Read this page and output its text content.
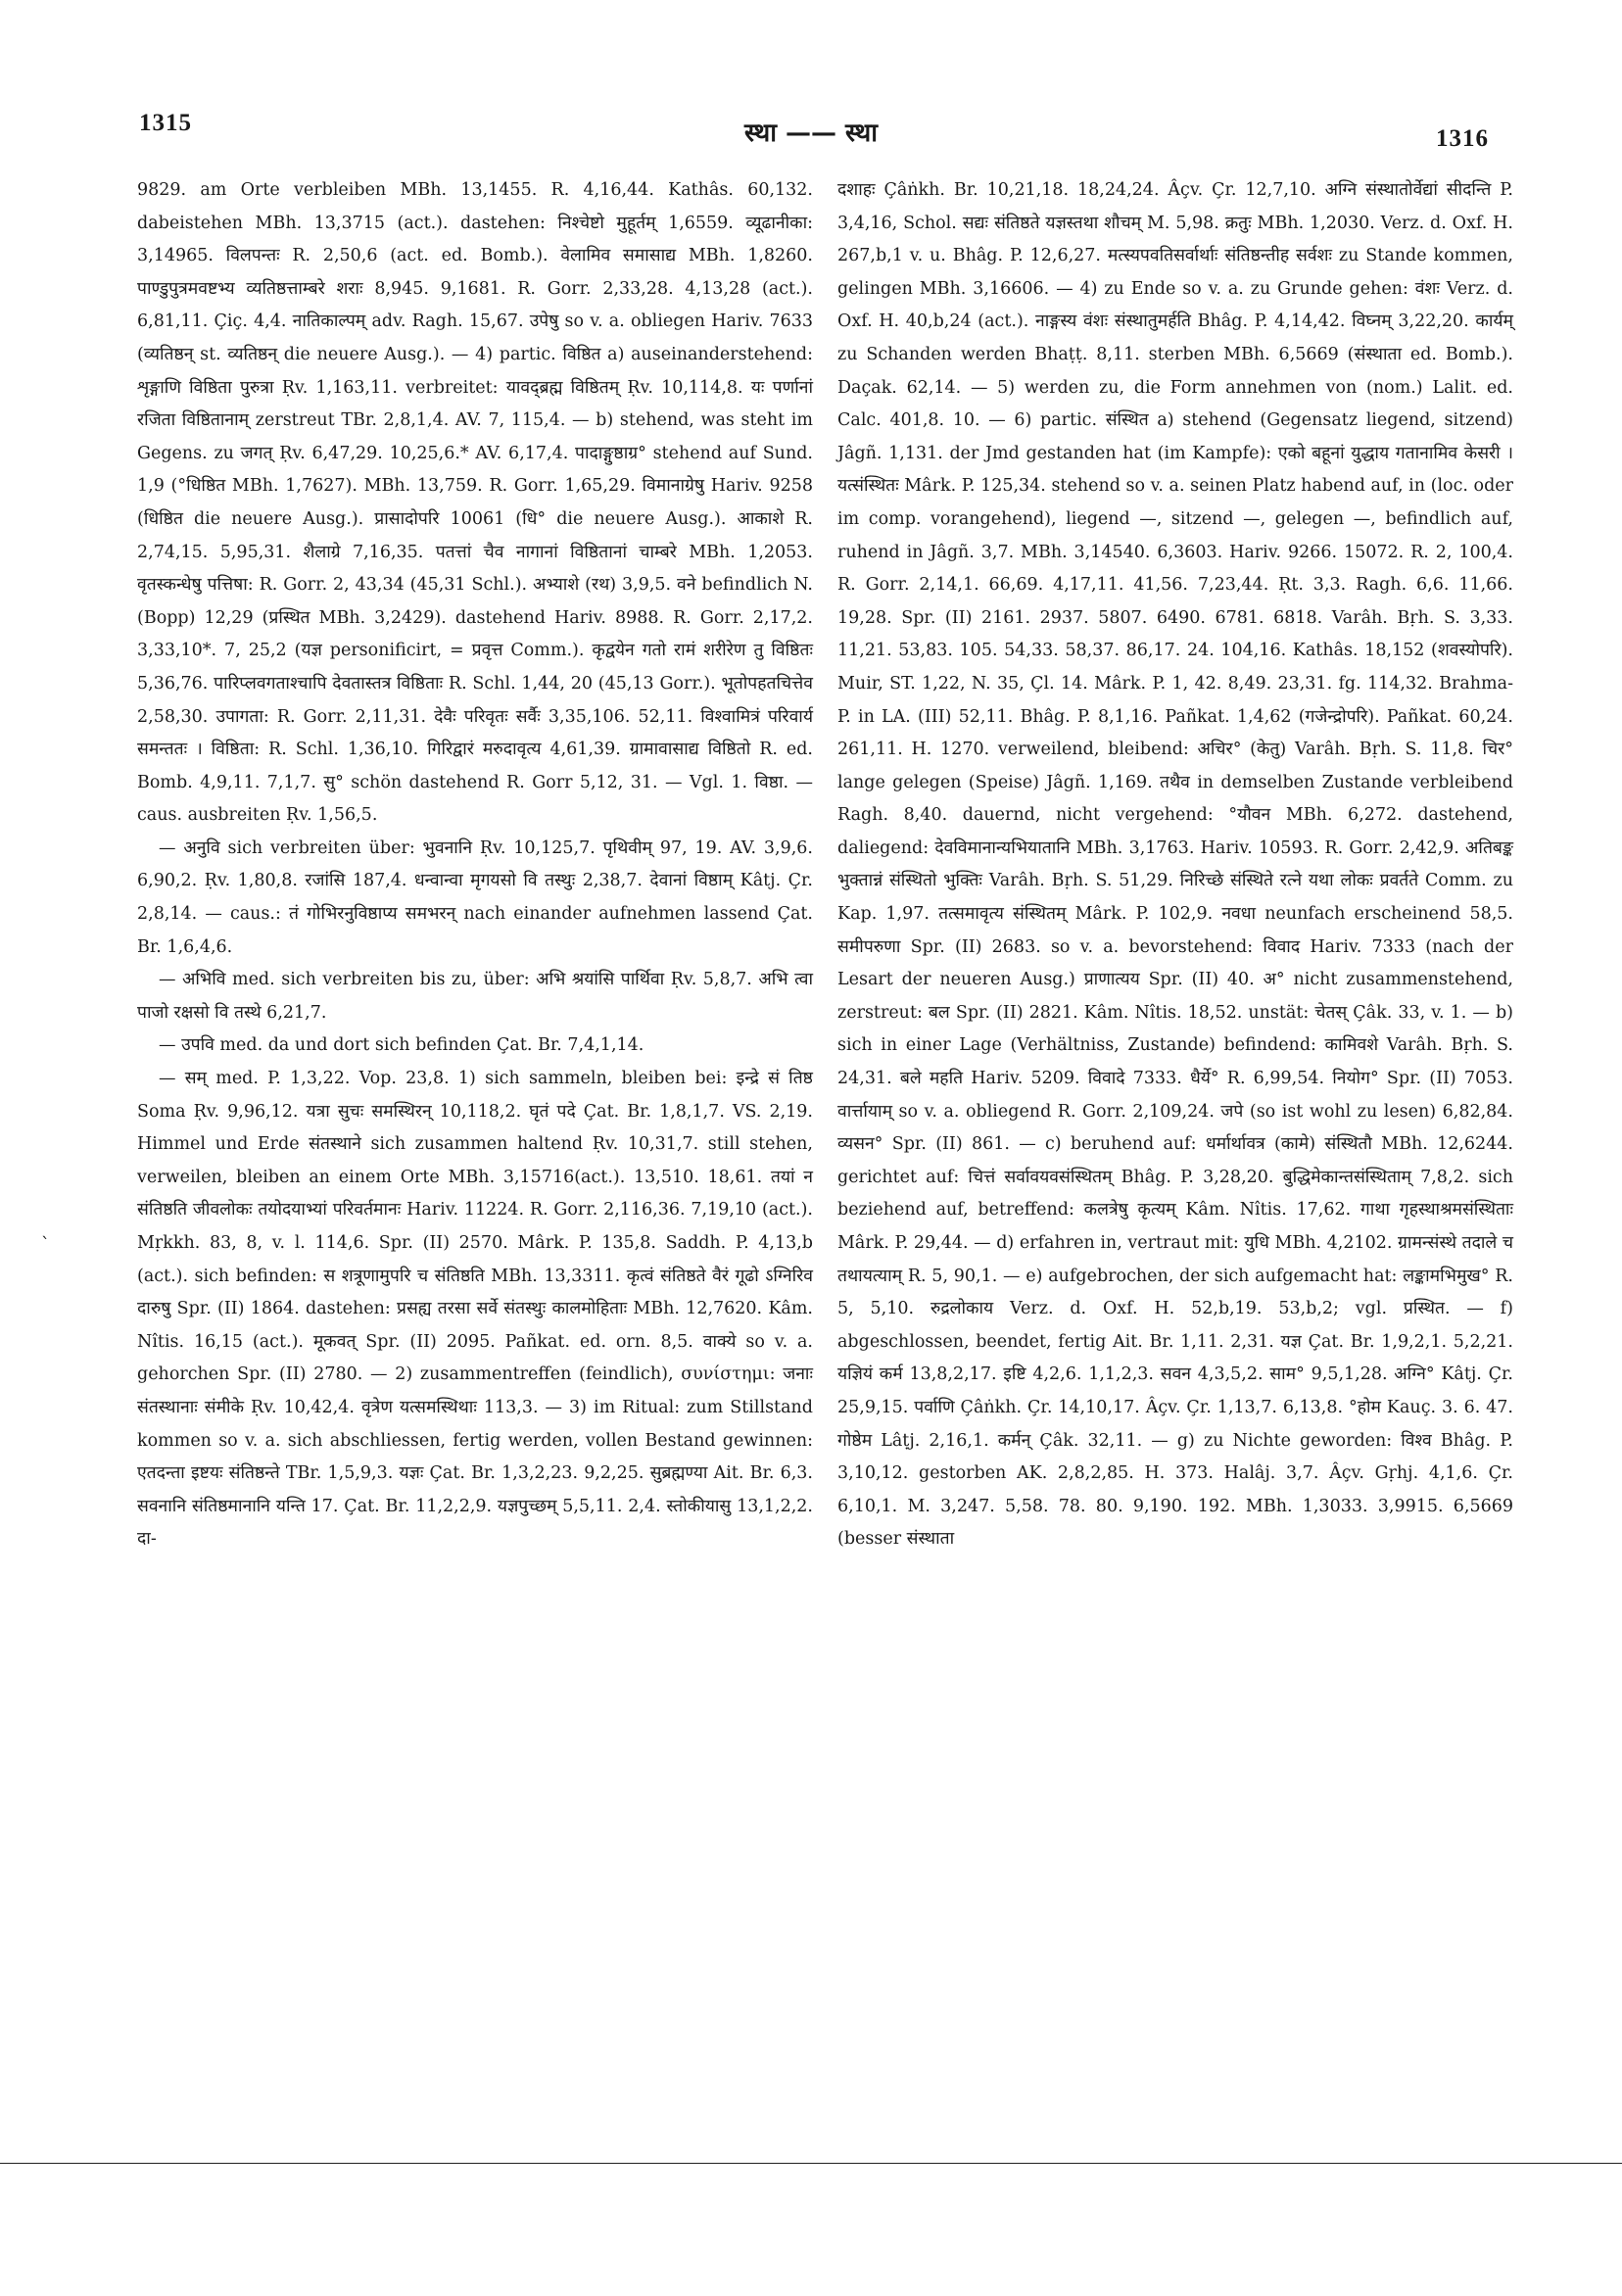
1315	स्था —— स्था	1316
`

9829. am Orte verbleiben MBh. 13,1455. R. 4,16,44. Kathâs. 60,132. dabeistehen MBh. 13,3715 (act.). dastehen: निश्चेष्टो मुहूर्तम् 1,6559. व्यूढानीका: 3,14965. विलपन्तः R. 2,50,6 (act. ed. Bomb.). वेलामिव समासाद्य MBh. 1,8260. पाण्डुपुत्रमवष्टभ्य व्यतिष्ठत्ताम्बरे शराः 8,945. 9,1681. R. Gorr. 2,33,28. 4,13,28 (act.). 6,81,11. Çiç. 4,4. नातिकाल्पम् adv. Ragh. 15,67. उपेषु so v. a. obliegen Hariv. 7633 (व्यतिष्ठन् st. व्यतिष्ठन् die neuere Ausg.). — 4) partic. विष्ठित a) auseinanderstehend: शृङ्गाणि विष्ठिता पुरुत्रा Ṛv. 1,163,11. verbreitet: यावद्ब्रह्म विष्ठितम् Ṛv. 10,114,8. यः पर्णानां रजिता विष्ठितानाम् zerstreut TBr. 2,8,1,4. AV. 7, 115,4. — b) stehend, was steht im Gegens. zu जगत् Ṛv. 6,47,29. 10,25,6.* AV. 6,17,4. पादाङ्गुष्ठाग्र° stehend auf Sund. 1,9 (°धिष्ठित MBh. 1,7627). MBh. 13,759. R. Gorr. 1,65,29. विमानाग्रेषु Hariv. 9258 (धिष्ठित die neuere Ausg.). प्रासादोपरि 10061 (धि° die neuere Ausg.). आकाशे R. 2,74,15. 5,95,31. शैलाग्रे 7,16,35. पतत्तां चैव नागानां विष्ठितानां चाम्बरे MBh. 1,2053. वृतस्कन्धेषु पत्तिषा: R. Gorr. 2, 43,34 (45,31 Schl.). अभ्याशे (रथ) 3,9,5. वने befindlich N. (Bopp) 12,29 (प्रस्थित MBh. 3,2429). dastehend Hariv. 8988. R. Gorr. 2,17,2. 3,33,10*. 7, 25,2 (यज्ञ personificirt, = प्रवृत्त Comm.). कृद्वयेन गतो रामं शरीरेण तु विष्ठितः 5,36,76. पारिप्लवगताश्चापि देवतास्तत्र विष्ठिताः R. Schl. 1,44, 20 (45,13 Gorr.). भूतोपहतचित्तेव 2,58,30. उपागता: R. Gorr. 2,11,31. देवैः परिवृतः सर्वैः 3,35,106. 52,11. विश्वामित्रं परिवार्य समन्ततः । विष्ठिता: R. Schl. 1,36,10. गिरिद्वारं मरुदावृत्य 4,61,39. ग्रामावासाद्य विष्ठितो R. ed. Bomb. 4,9,11. 7,1,7. सु° schön dastehend R. Gorr 5,12, 31. — Vgl. 1. विष्ठा. — caus. ausbreiten Ṛv. 1,56,5.

— अनुवि sich verbreiten über: भुवनानि Ṛv. 10,125,7. पृथिवीम् 97, 19. AV. 3,9,6. 6,90,2. Ṛv. 1,80,8. रजांसि 187,4. धन्वान्वा मृगयसो वि तस्थुः 2,38,7. देवानां विष्ठाम् Kâtj. Çr. 2,8,14. — caus.: तं गोभिरनुविष्ठाप्य समभरन् nach einander aufnehmen lassend Çat. Br. 1,6,4,6.

— अभिवि med. sich verbreiten bis zu, über: अभि श्रयांसि पार्थिवा Ṛv. 5,8,7. अभि त्वा पाजो रक्षसो वि तस्थे 6,21,7.

— उपवि med. da und dort sich befinden Çat. Br. 7,4,1,14.

— सम् med. P. 1,3,22. Vop. 23,8. 1) sich sammeln, bleiben bei: इन्द्रे सं तिष्ठ Soma Ṛv. 9,96,12. यत्रा सुचः समस्थिरन् 10,118,2. घृतं पदे Çat. Br. 1,8,1,7. VS. 2,19. Himmel und Erde संतस्थाने sich zusammen haltend Ṛv. 10,31,7. still stehen, verweilen, bleiben an einem Orte MBh. 3,15716(act.). 13,510. 18,61. तयां न संतिष्ठति जीवलोकः तयोदयाभ्यां परिवर्तमानः Hariv. 11224. R. Gorr. 2,116,36. 7,19,10 (act.). Mṛkkh. 83, 8, v. l. 114,6. Spr. (II) 2570. Mârk. P. 135,8. Saddh. P. 4,13,b (act.). sich befinden: स शत्रूणामुपरि च संतिष्ठति MBh. 13,3311. कृत्वं संतिष्ठते वैरं गूढो ऽग्निरिव दारुषु Spr. (II) 1864. dastehen: प्रसह्य तरसा सर्वे संतस्थुः कालमोहिताः MBh. 12,7620. Kâm. Nîtis. 16,15 (act.). मूकवत् Spr. (II) 2095. Pañkat. ed. orn. 8,5. वाक्ये so v. a. gehorchen Spr. (II) 2780. — 2) zusammentreffen (feindlich), συνίστημι: जनाः संतस्थानाः संमीके Ṛv. 10,42,4. वृत्रेण यत्समस्थिथाः 113,3. — 3) im Ritual: zum Stillstand kommen so v. a. sich abschliessen, fertig werden, vollen Bestand gewinnen: एतदन्ता इष्टयः संतिष्ठन्ते TBr. 1,5,9,3. यज्ञः Çat. Br. 1,3,2,23. 9,2,25. सुब्रह्मण्या Ait. Br. 6,3. सवनानि संतिष्ठमानानि यन्ति 17. Çat. Br. 11,2,2,9. यज्ञपुच्छम् 5,5,11. 2,4. स्तोकीयासु 13,1,2,2. दा-

दशाहः Çâṅkh. Br. 10,21,18. 18,24,24. Âçv. Çr. 12,7,10. अग्नि संस्थातोर्वेद्यां सीदन्ति P. 3,4,16, Schol. सद्यः संतिष्ठते यज्ञस्तथा शौचम् M. 5,98. क्रतुः MBh. 1,2030. Verz. d. Oxf. H. 267,b,1 v. u. Bhâg. P. 12,6,27. मत्स्यपवतिसर्वार्थाः संतिष्ठन्तीह सर्वशः zu Stande kommen, gelingen MBh. 3,16606. — 4) zu Ende so v. a. zu Grunde gehen: वंशः Verz. d. Oxf. H. 40,b,24 (act.). नाङ्गस्य वंशः संस्थातुमर्हति Bhâg. P. 4,14,42. विघ्नम् 3,22,20. कार्यम् zu Schanden werden Bhaṭṭ. 8,11. sterben MBh. 6,5669 (संस्थाता ed. Bomb.). Daçak. 62,14. — 5) werden zu, die Form annehmen von (nom.) Lalit. ed. Calc. 401,8. 10. — 6) partic. संस्थित a) stehend (Gegensatz liegend, sitzend) Jâgñ. 1,131. der Jmd gestanden hat (im Kampfe): एको बहूनां युद्धाय गतानामिव केसरी । यत्संस्थितः Mârk. P. 125,34. stehend so v. a. seinen Platz habend auf, in (loc. oder im comp. vorangehend), liegend —, sitzend —, gelegen —, befindlich auf, ruhend in Jâgñ. 3,7. MBh. 3,14540. 6,3603. Hariv. 9266. 15072. R. 2, 100,4. R. Gorr. 2,14,1. 66,69. 4,17,11. 41,56. 7,23,44. Ṛt. 3,3. Ragh. 6,6. 11,66. 19,28. Spr. (II) 2161. 2937. 5807. 6490. 6781. 6818. Varâh. Bṛh. S. 3,33. 11,21. 53,83. 105. 54,33. 58,37. 86,17. 24. 104,16. Kathâs. 18,152 (शवस्योपरि). Muir, ST. 1,22, N. 35, Çl. 14. Mârk. P. 1, 42. 8,49. 23,31. fg. 114,32. Brahma-P. in LA. (III) 52,11. Bhâg. P. 8,1,16. Pañkat. 1,4,62 (गजेन्द्रोपरि). Pañkat. 60,24. 261,11. H. 1270. verweilend, bleibend: अचिर° (केतु) Varâh. Bṛh. S. 11,8. चिर° lange gelegen (Speise) Jâgñ. 1,169. तथैव in demselben Zustande verbleibend Ragh. 8,40. dauernd, nicht vergehend: °यौवन MBh. 6,272. dastehend, daliegend: देवविमानान्यभियातानि MBh. 3,1763. Hariv. 10593. R. Gorr. 2,42,9. अतिबङ्क भुक्तान्नं संस्थितो भुक्तिः Varâh. Bṛh. S. 51,29. निरिच्छे संस्थिते रत्ने यथा लोकः प्रवर्तते Comm. zu Kap. 1,97. तत्समावृत्य संस्थितम् Mârk. P. 102,9. नवधा neunfach erscheinend 58,5. समीपरुणा Spr. (II) 2683. so v. a. bevorstehend: विवाद Hariv. 7333 (nach der Lesart der neueren Ausg.) प्राणात्यय Spr. (II) 40. अ° nicht zusammenstehend, zerstreut: बल Spr. (II) 2821. Kâm. Nîtis. 18,52. unstät: चेतस् Çâk. 33, v. 1. — b) sich in einer Lage (Verhältniss, Zustande) befindend: कामिवशे Varâh. Bṛh. S. 24,31. बले महति Hariv. 5209. विवादे 7333. धैर्ये° R. 6,99,54. नियोग° Spr. (II) 7053. वार्त्तायाम् so v. a. obliegend R. Gorr. 2,109,24. जपे (so ist wohl zu lesen) 6,82,84. व्यसन° Spr. (II) 861. — c) beruhend auf: धर्मार्थावत्र (कामे) संस्थितौ MBh. 12,6244. gerichtet auf: चित्तं सर्वावयवसंस्थितम् Bhâg. P. 3,28,20. बुद्धिमेकान्तसंस्थिताम् 7,8,2. sich beziehend auf, betreffend: कलत्रेषु कृत्यम् Kâm. Nîtis. 17,62. गाथा गृहस्थाश्रमसंस्थिताः Mârk. P. 29,44. — d) erfahren in, vertraut mit: युधि MBh. 4,2102. ग्रामन्संस्थे तदाले च तथायत्याम् R. 5, 90,1. — e) aufgebrochen, der sich aufgemacht hat: लङ्कामभिमुख° R. 5, 5,10. रुद्रलोकाय Verz. d. Oxf. H. 52,b,19. 53,b,2; vgl. प्रस्थित. — f) abgeschlossen, beendet, fertig Ait. Br. 1,11. 2,31. यज्ञ Çat. Br. 1,9,2,1. 5,2,21. यज्ञियं कर्म 13,8,2,17. इष्टि 4,2,6. 1,1,2,3. सवन 4,3,5,2. साम° 9,5,1,28. अग्नि° Kâtj. Çr. 25,9,15. पर्वाणि Çâṅkh. Çr. 14,10,17. Âçv. Çr. 1,13,7. 6,13,8. °होम Kauç. 3. 6. 47. गोष्ठेम Lâṭj. 2,16,1. कर्मन् Çâk. 32,11. — g) zu Nichte geworden: विश्व Bhâg. P. 3,10,12. gestorben AK. 2,8,2,85. H. 373. Halâj. 3,7. Âçv. Gṛhj. 4,1,6. Çr. 6,10,1. M. 3,247. 5,58. 78. 80. 9,190. 192. MBh. 1,3033. 3,9915. 6,5669 (besser संस्थाता
